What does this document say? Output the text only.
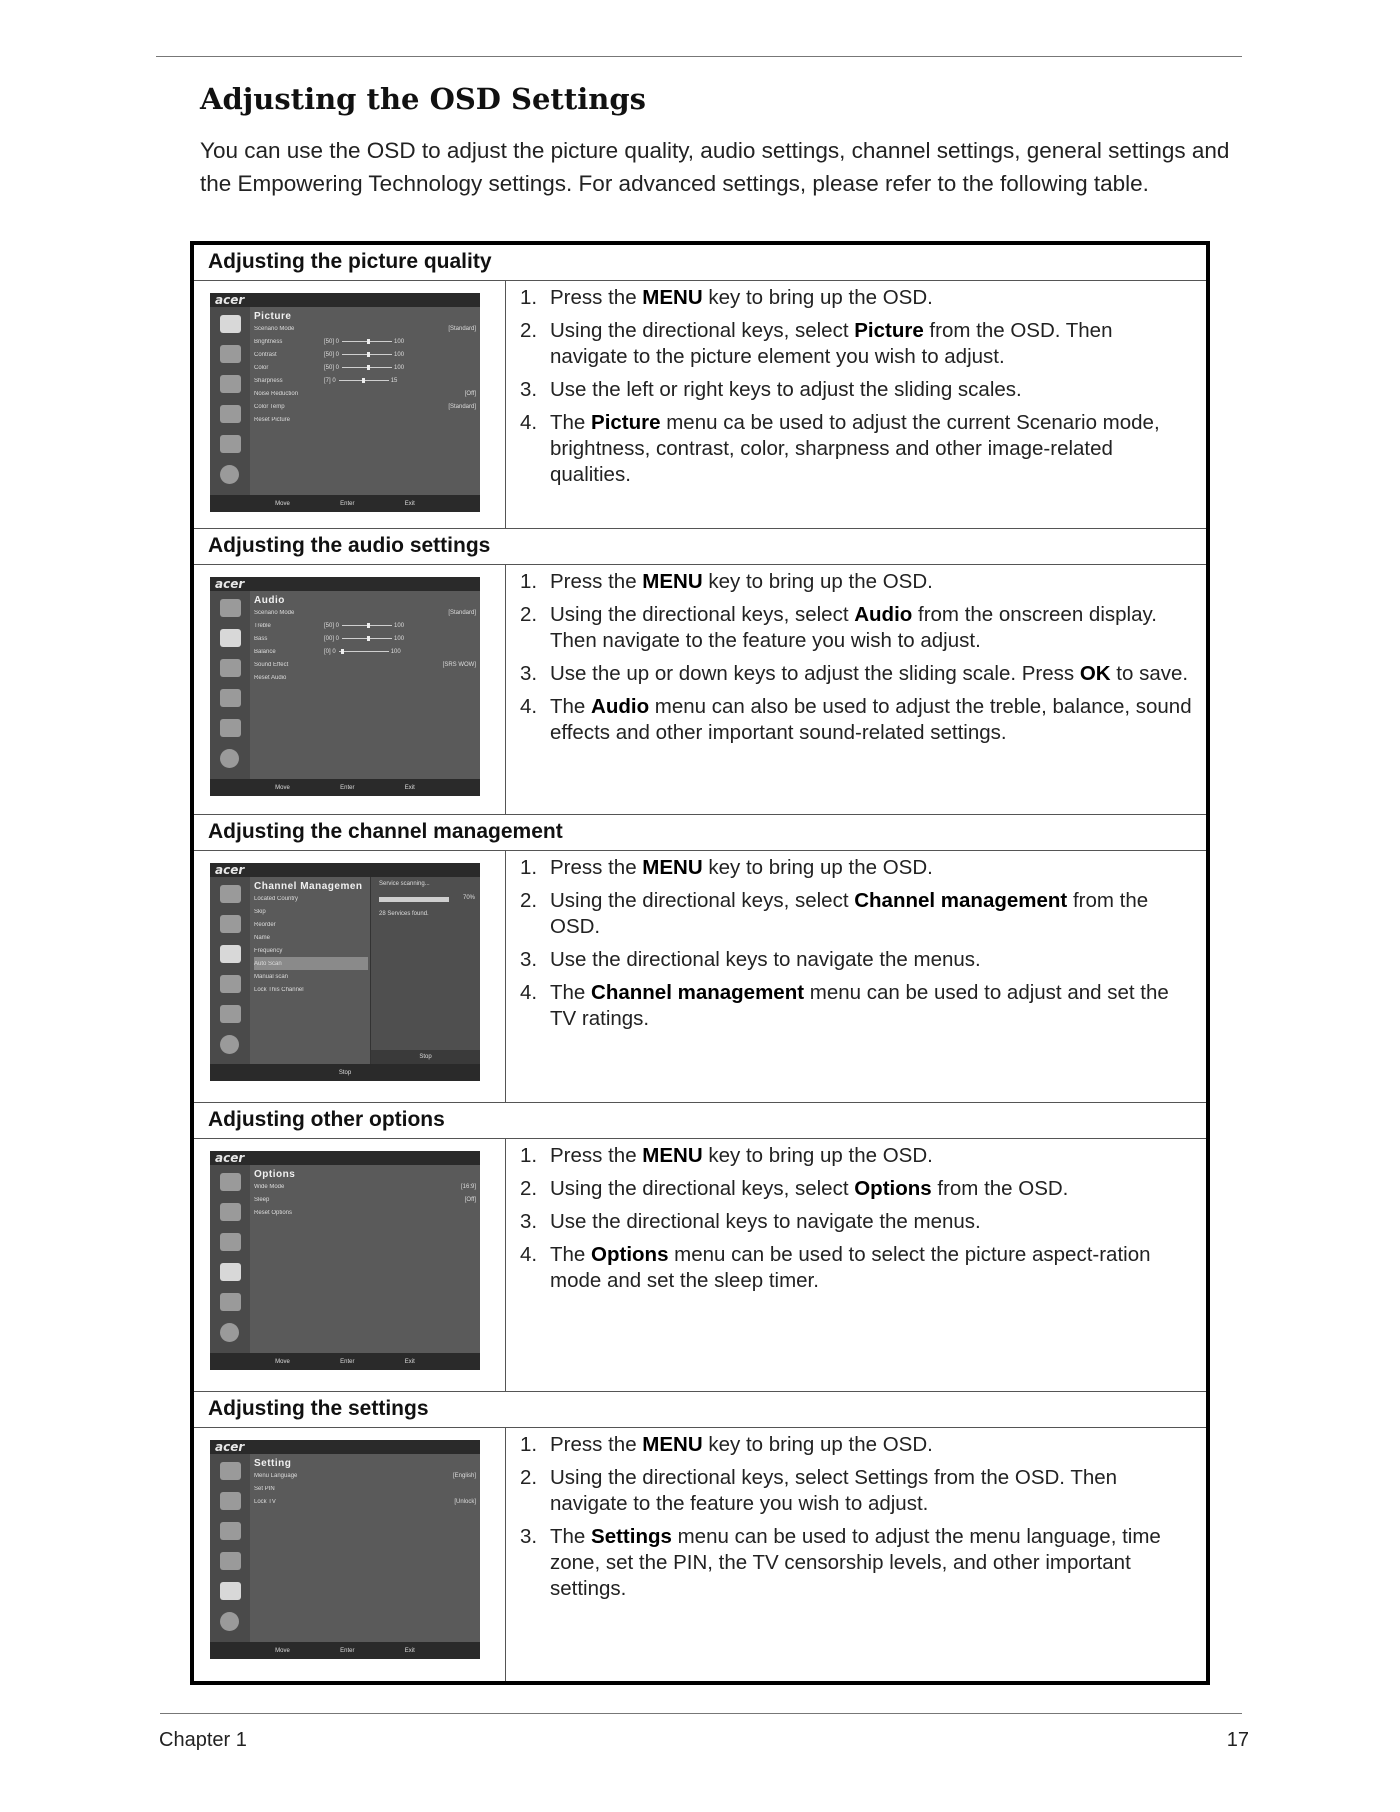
Adjusting the OSD Settings

You can use the OSD to adjust the picture quality, audio settings, channel settings, general settings and the Empowering Technology settings. For advanced settings, please refer to the following table.

Adjusting the picture quality
acer
Picture
Scenario Mode	[Standard]
Brightness	[50] 0	100
Contrast	[50] 0	100
Color	[50] 0	100
Sharpness	[7] 0	15
Noise Reduction	[Off]
Color Temp	[Standard]
Reset Picture
Move	Enter	Exit
1. Press the MENU key to bring up the OSD.
2. Using the directional keys, select Picture from the OSD. Then navigate to the picture element you wish to adjust.
3. Use the left or right keys to adjust the sliding scales.
4. The Picture menu ca be used to adjust the current Scenario mode, brightness, contrast, color, sharpness and other image-related qualities.
Adjusting the audio settings
acer
Audio
Scenario Mode	[Standard]
Treble	[50] 0	100
Bass	[00] 0	100
Balance	[0] 0	100
Sound Effect	[SRS WOW]
Reset Audio
Move	Enter	Exit
1. Press the MENU key to bring up the OSD.
2. Using the directional keys, select Audio from the onscreen display. Then navigate to the feature you wish to adjust.
3. Use the up or down keys to adjust the sliding scale. Press OK to save.
4. The Audio menu can also be used to adjust the treble, balance, sound effects and other important sound-related settings.
Adjusting the channel management
acer
Channel Managemen
Located Country
Skip
Reorder
Name
Frequency
Auto Scan
Manual scan
Lock This Channel
Service scanning...
70%
28 Services found.
Stop
Stop
1. Press the MENU key to bring up the OSD.
2. Using the directional keys, select Channel management from the OSD.
3. Use the directional keys to navigate the menus.
4. The Channel management menu can be used to adjust and set the TV ratings.
Adjusting other options
acer
Options
Wide Mode	[16:9]
Sleep	[Off]
Reset Options
Move	Enter	Exit
1. Press the MENU key to bring up the OSD.
2. Using the directional keys, select Options from the OSD.
3. Use the directional keys to navigate the menus.
4. The Options menu can be used to select the picture aspect-ration mode and set the sleep timer.
Adjusting the settings
acer
Setting
Menu Language	[English]
Set PIN
Lock TV	[Unlock]
Move	Enter	Exit
1. Press the MENU key to bring up the OSD.
2. Using the directional keys, select Settings from the OSD. Then navigate to the feature you wish to adjust.
3. The Settings menu can be used to adjust the menu language, time zone, set the PIN, the TV censorship levels, and other important settings.
Chapter 1	17
